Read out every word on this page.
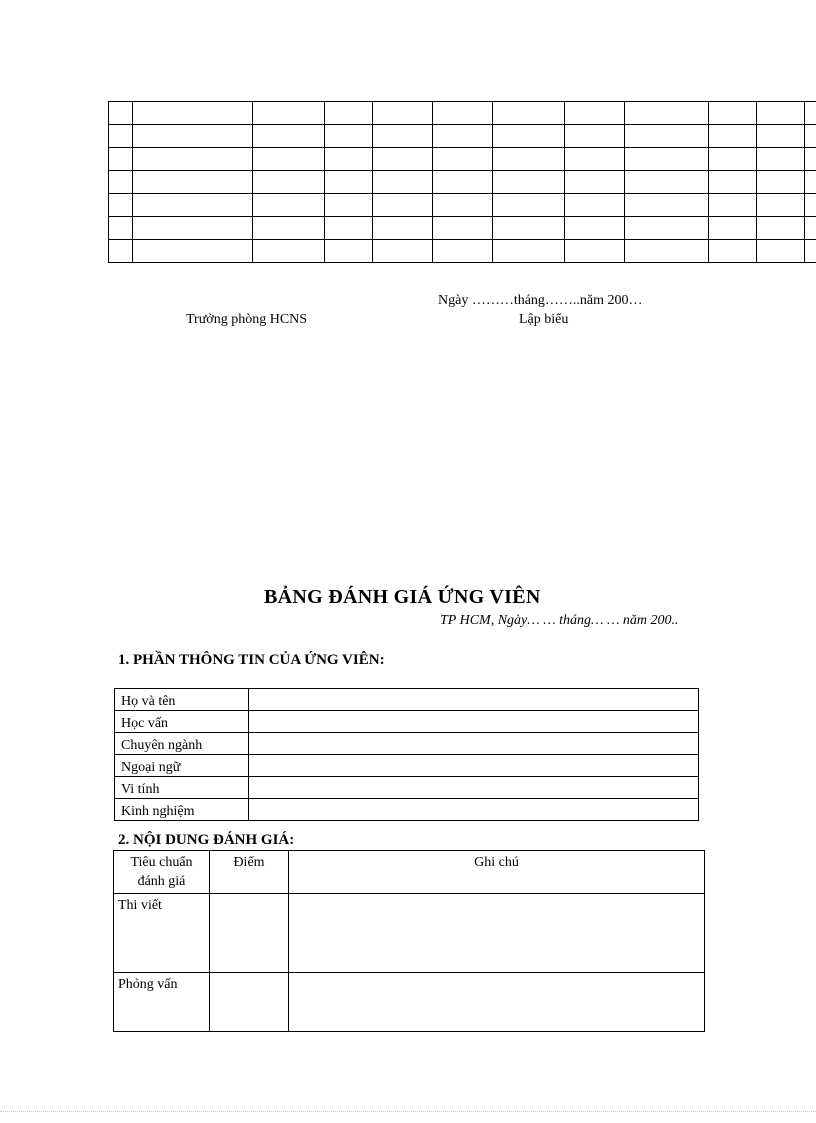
Ngày ………tháng……..năm 200…
Trưởng phòng HCNS	Lập biểu
BẢNG ĐÁNH GIÁ ỨNG VIÊN
TP HCM, Ngày… … tháng… … năm 200..
1. PHẦN THÔNG TIN CỦA ỨNG VIÊN:
Họ và tên	
Học vấn	
Chuyên ngành	
Ngoại ngữ	
Vi tính	
Kinh nghiệm	
2. NỘI DUNG ĐÁNH GIÁ:
Tiêu chuẩn
đánh giá	Điểm	Ghi chú
Thi viết		
Phỏng vấn		
